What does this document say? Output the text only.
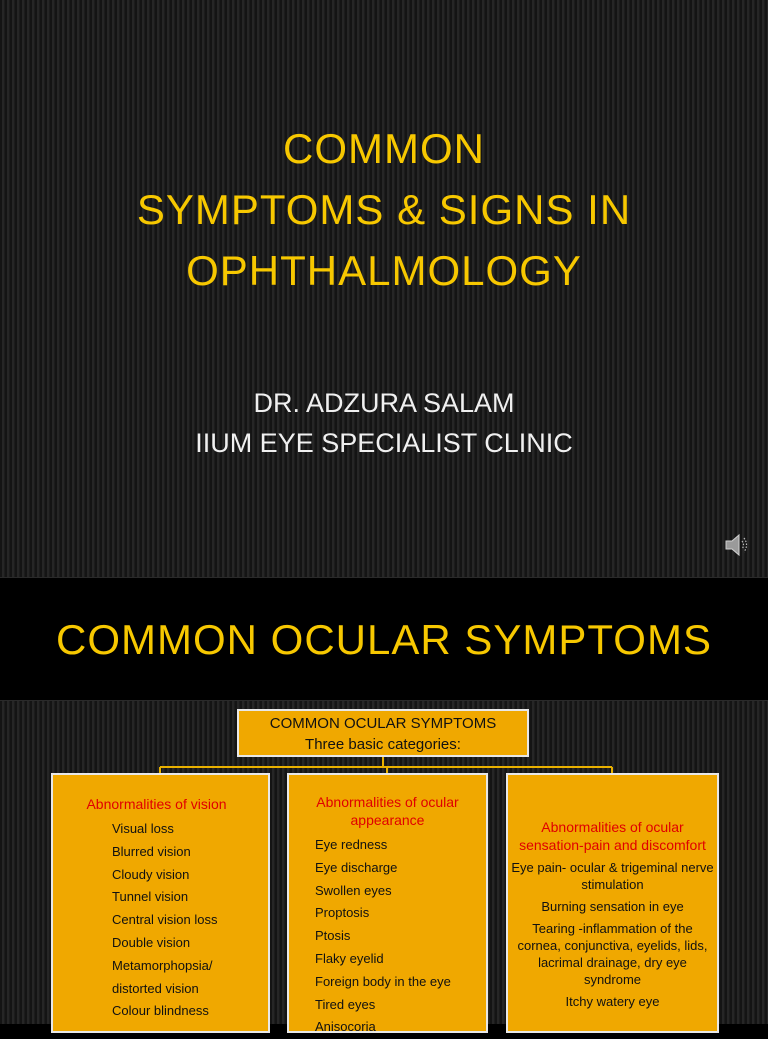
COMMON
SYMPTOMS & SIGNS IN
OPHTHALMOLOGY
DR. ADZURA SALAM
IIUM EYE SPECIALIST CLINIC
COMMON OCULAR SYMPTOMS
COMMON OCULAR SYMPTOMS
Three basic categories:
Abnormalities of vision
Visual loss
Blurred vision
Cloudy vision
Tunnel vision
Central vision loss
Double vision
Metamorphopsia/
distorted vision
Colour blindness
Abnormalities of ocular appearance
Eye redness
Eye discharge
Swollen eyes
Proptosis
Ptosis
Flaky eyelid
Foreign body in the eye
Tired eyes
Anisocoria
Abnormalities of ocular sensation-pain and discomfort
Eye pain- ocular & trigeminal nerve stimulation
Burning sensation in eye
Tearing -inflammation of the cornea, conjunctiva, eyelids, lids, lacrimal drainage, dry eye syndrome
Itchy watery eye
